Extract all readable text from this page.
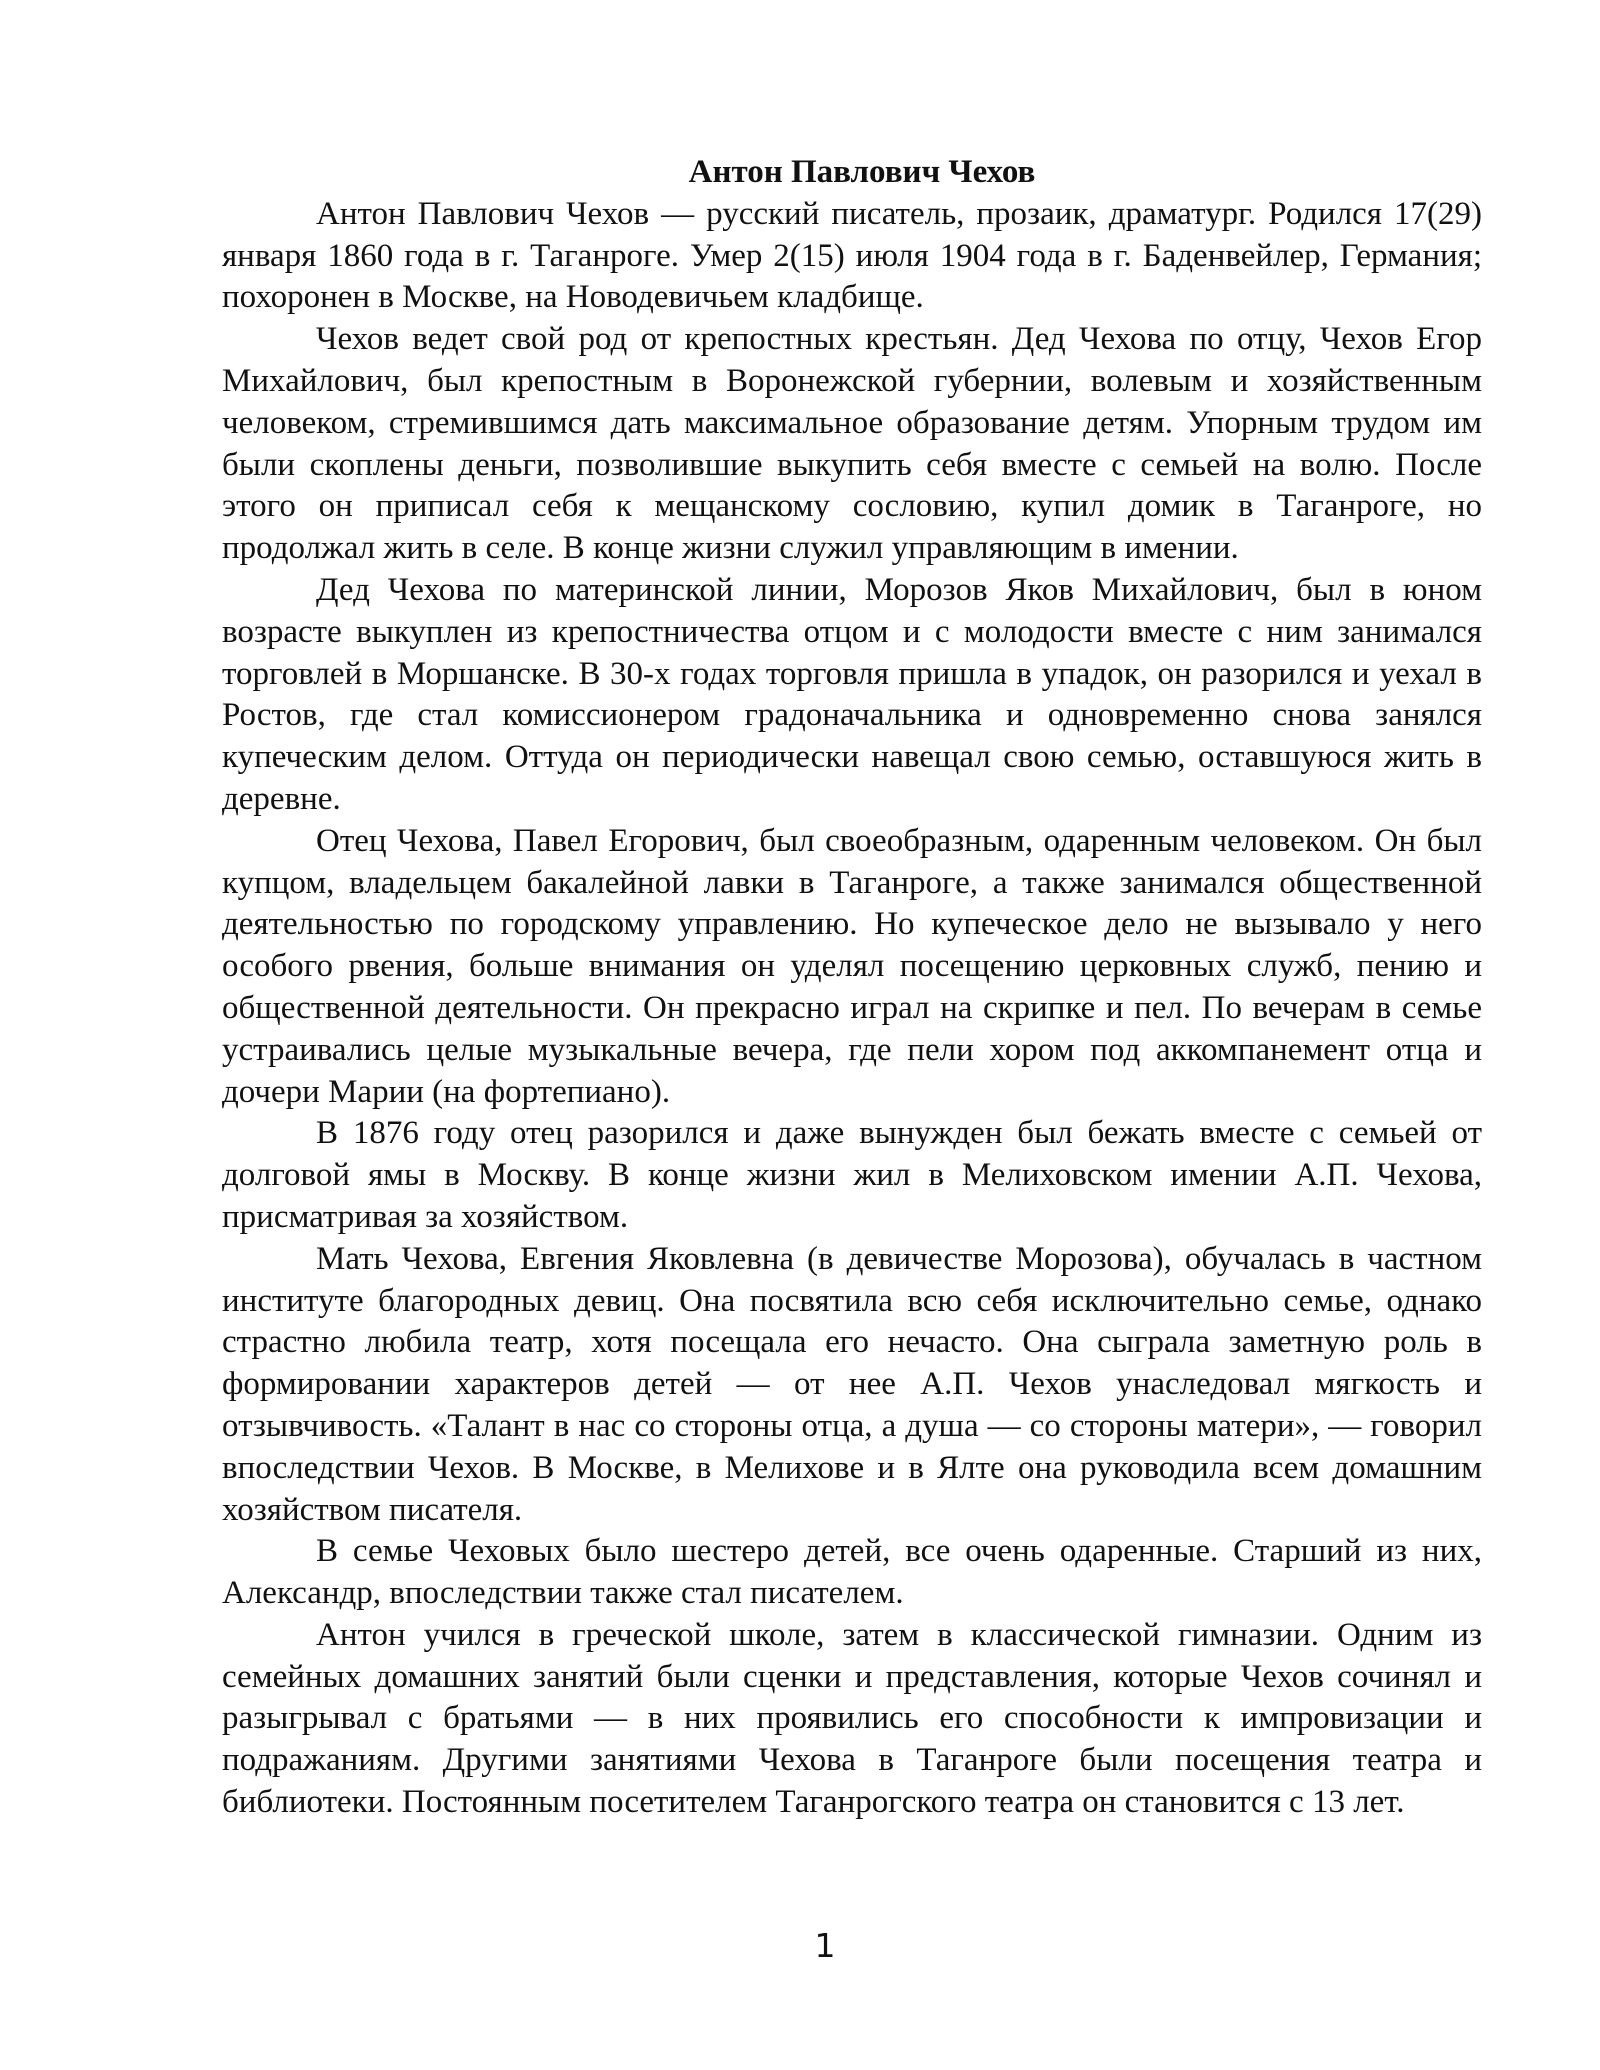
Антон Павлович Чехов

Антон Павлович Чехов — русский писатель, прозаик, драматург. Родился 17(29) января 1860 года в г. Таганроге. Умер 2(15) июля 1904 года в г. Баденвейлер, Германия; похоронен в Москве, на Новодевичьем кладбище.

Чехов ведет свой род от крепостных крестьян. Дед Чехова по отцу, Чехов Егор Михайлович, был крепостным в Воронежской губернии, волевым и хозяйственным человеком, стремившимся дать максимальное образование детям. Упорным трудом им были скоплены деньги, позволившие выкупить себя вместе с семьей на волю. После этого он приписал себя к мещанскому сословию, купил домик в Таганроге, но продолжал жить в селе. В конце жизни служил управляющим в имении.

Дед Чехова по материнской линии, Морозов Яков Михайлович, был в юном возрасте выкуплен из крепостничества отцом и с молодости вместе с ним занимался торговлей в Моршанске. В 30-х годах торговля пришла в упадок, он разорился и уехал в Ростов, где стал комиссионером градоначальника и одновременно снова занялся купеческим делом. Оттуда он периодически навещал свою семью, оставшуюся жить в деревне.

Отец Чехова, Павел Егорович, был своеобразным, одаренным человеком. Он был купцом, владельцем бакалейной лавки в Таганроге, а также занимался общественной деятельностью по городскому управлению. Но купеческое дело не вызывало у него особого рвения, больше внимания он уделял посещению церковных служб, пению и общественной деятельности. Он прекрасно играл на скрипке и пел. По вечерам в семье устраивались целые музыкальные вечера, где пели хором под аккомпанемент отца и дочери Марии (на фортепиано).

В 1876 году отец разорился и даже вынужден был бежать вместе с семьей от долговой ямы в Москву. В конце жизни жил в Мелиховском имении А.П. Чехова, присматривая за хозяйством.

Мать Чехова, Евгения Яковлевна (в девичестве Морозова), обучалась в частном институте благородных девиц. Она посвятила всю себя исключительно семье, однако страстно любила театр, хотя посещала его нечасто. Она сыграла заметную роль в формировании характеров детей — от нее А.П. Чехов унаследовал мягкость и отзывчивость. «Талант в нас со стороны отца, а душа — со стороны матери», — говорил впоследствии Чехов. В Москве, в Мелихове и в Ялте она руководила всем домашним хозяйством писателя.

В семье Чеховых было шестеро детей, все очень одаренные. Старший из них, Александр, впоследствии также стал писателем.

Антон учился в греческой школе, затем в классической гимназии. Одним из семейных домашних занятий были сценки и представления, которые Чехов сочинял и разыгрывал с братьями — в них проявились его способности к импровизации и подражаниям. Другими занятиями Чехова в Таганроге были посещения театра и библиотеки. Постоянным посетителем Таганрогского театра он становится с 13 лет.

1
